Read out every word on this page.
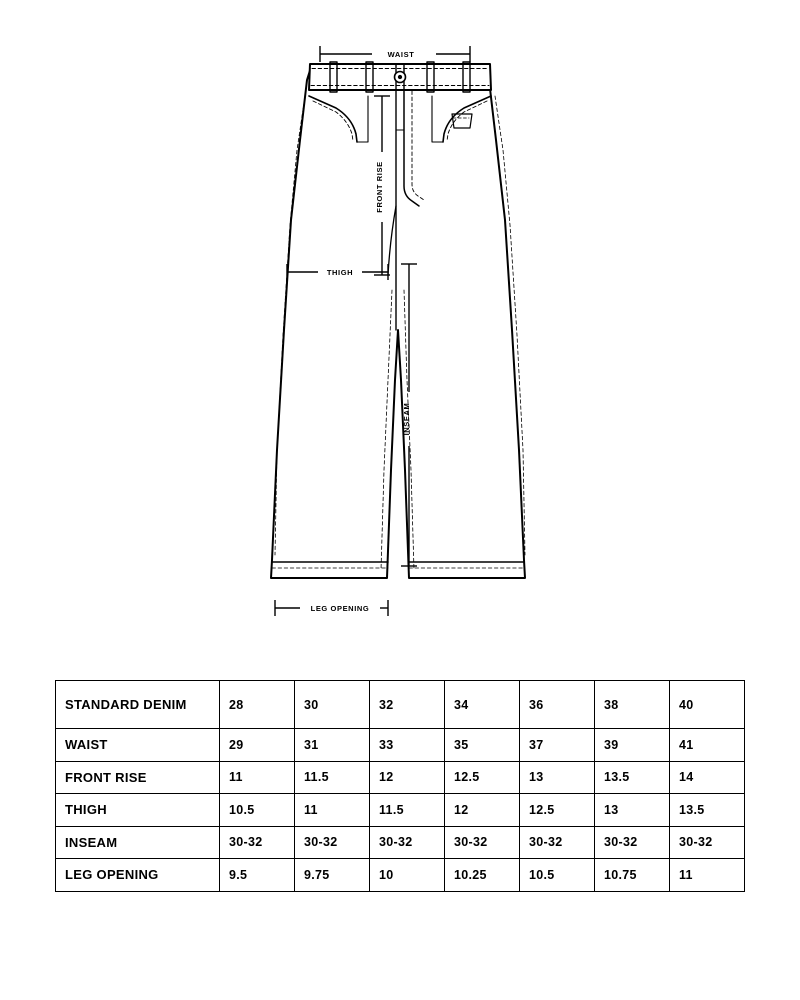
WAIST
FRONT RISE
THIGH
INSEAM
LEG OPENING
STANDARD DENIM	28	30	32	34	36	38	40
WAIST	29	31	33	35	37	39	41
FRONT RISE	11	11.5	12	12.5	13	13.5	14
THIGH	10.5	11	11.5	12	12.5	13	13.5
INSEAM	30-32	30-32	30-32	30-32	30-32	30-32	30-32
LEG OPENING	9.5	9.75	10	10.25	10.5	10.75	11
